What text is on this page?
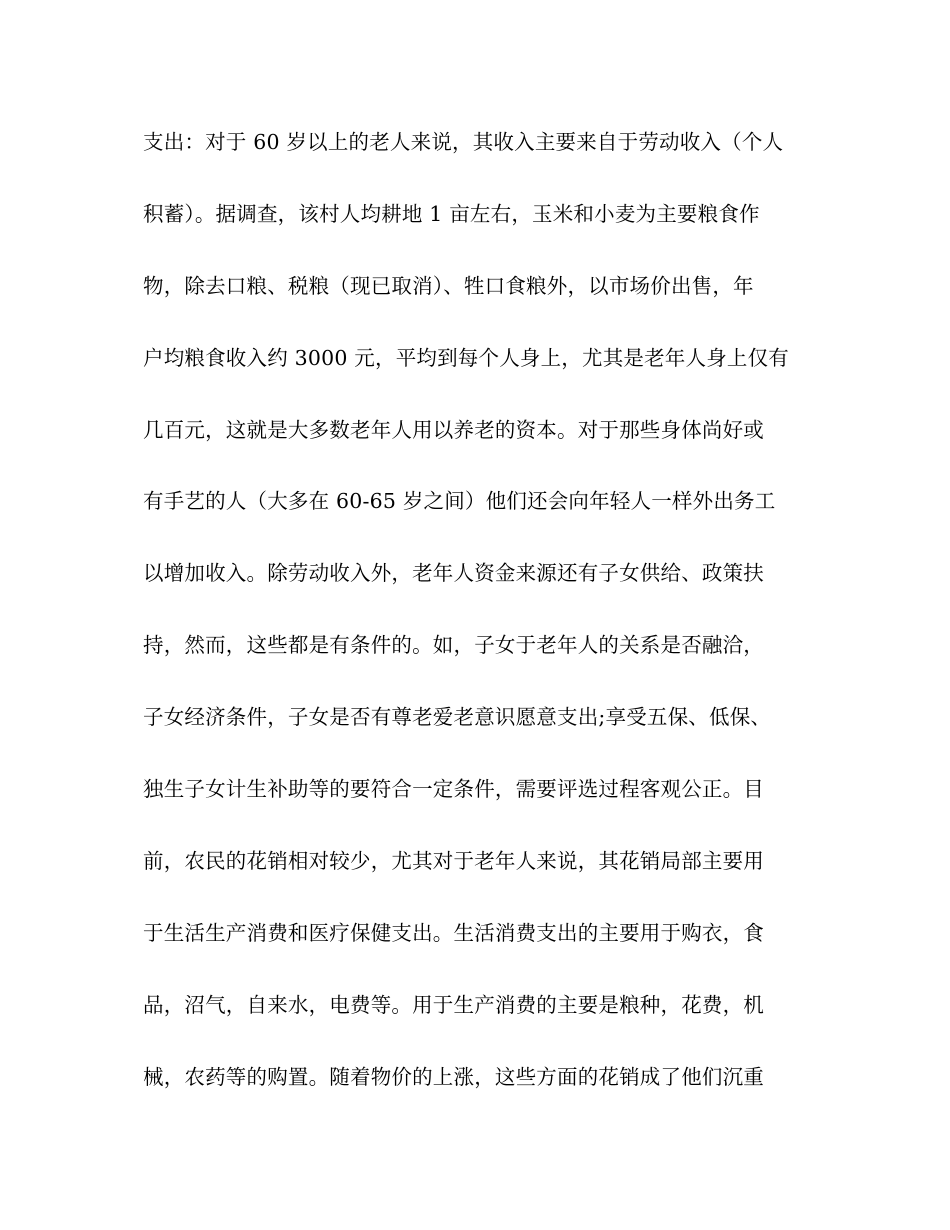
支出：对于 60 岁以上的老人来说，其收入主要来自于劳动收入（个人
积蓄）。据调查，该村人均耕地 1 亩左右，玉米和小麦为主要粮食作
物，除去口粮、税粮（现已取消）、牲口食粮外，以市场价出售，年
户均粮食收入约 3000 元，平均到每个人身上，尤其是老年人身上仅有
几百元，这就是大多数老年人用以养老的资本。对于那些身体尚好或
有手艺的人（大多在 60-65 岁之间）他们还会向年轻人一样外出务工
以增加收入。除劳动收入外，老年人资金来源还有子女供给、政策扶
持，然而，这些都是有条件的。如，子女于老年人的关系是否融洽，
子女经济条件，子女是否有尊老爱老意识愿意支出;享受五保、低保、
独生子女计生补助等的要符合一定条件，需要评选过程客观公正。目
前，农民的花销相对较少，尤其对于老年人来说，其花销局部主要用
于生活生产消费和医疗保健支出。生活消费支出的主要用于购衣，食
品，沼气，自来水，电费等。用于生产消费的主要是粮种，花费，机
械，农药等的购置。随着物价的上涨，这些方面的花销成了他们沉重
